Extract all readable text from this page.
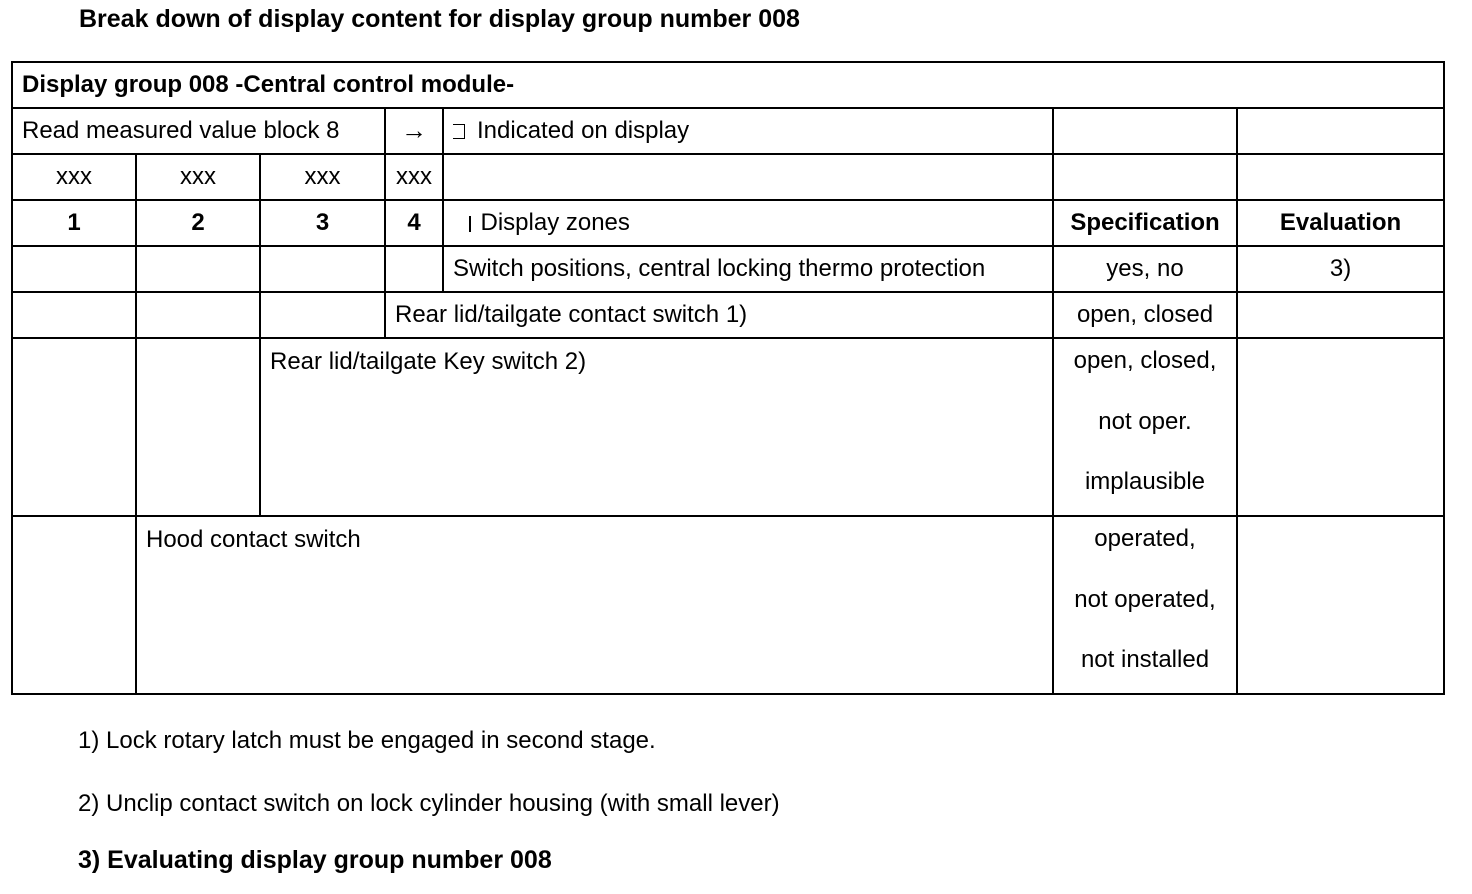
Break down of display content for display group number 008
Display group 008 -Central control module-						
Read measured value block 8			→	Indicated on display		
xxx	xxx	xxx	xxx			
1	2	3	4	Display zones	Specification	Evaluation
				Switch positions, central locking thermo protection	yes, no	3)
			Rear lid/tailgate contact switch 1)		open, closed	
		Rear lid/tailgate Key switch 2)			open, closed,
not oper.
implausible	

	Hood contact switch				operated,
not operated,
not installed	

1) Lock rotary latch must be engaged in second stage.
2) Unclip contact switch on lock cylinder housing (with small lever)
3) Evaluating display group number 008
